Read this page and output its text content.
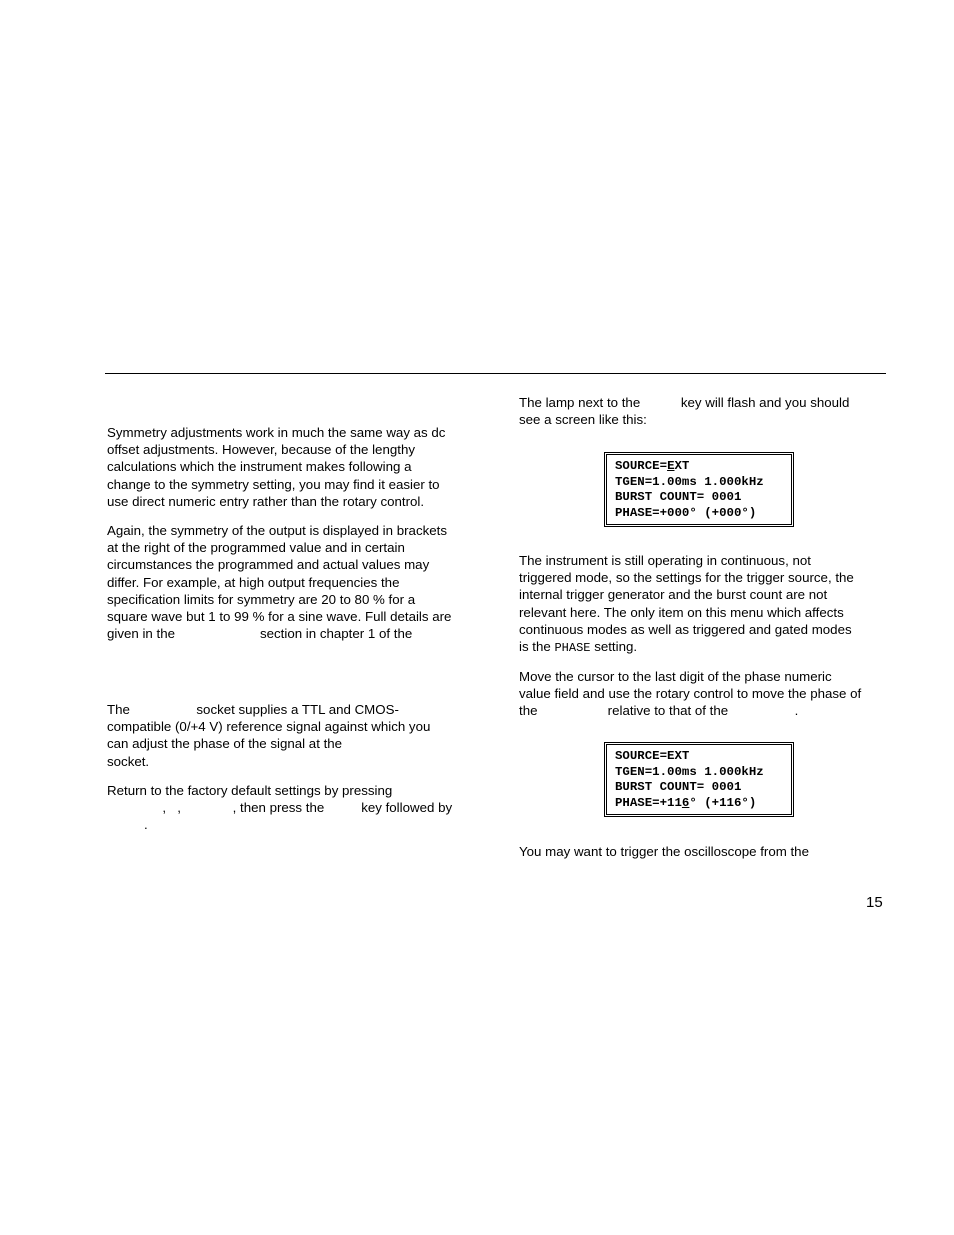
Symmetry adjustments work in much the same way as dc
offset adjustments. However, because of the lengthy
calculations which the instrument makes following a
change to the symmetry setting, you may find it easier to
use direct numeric entry rather than the rotary control.

Again, the symmetry of the output is displayed in brackets
at the right of the programmed value and in certain
circumstances the programmed and actual values may
differ. For example, at high output frequencies the
specification limits for symmetry are 20 to 80 % for a
square wave but 1 to 99 % for a sine wave. Full details are
given in the                       section in chapter 1 of the

The                  socket supplies a TTL and CMOS-
compatible (0/+4 V) reference signal against which you
can adjust the phase of the signal at the
socket.

Return to the factory default settings by pressing
,   ,              , then press the          key followed by
.

The lamp next to the           key will flash and you should
see a screen like this:

SOURCE=EXT
TGEN=1.00ms 1.000kHz
BURST COUNT= 0001
PHASE=+000° (+000°)

The instrument is still operating in continuous, not
triggered mode, so the settings for the trigger source, the
internal trigger generator and the burst count are not
relevant here. The only item on this menu which affects
continuous modes as well as triggered and gated modes
is the PHASE setting.

Move the cursor to the last digit of the phase numeric
value field and use the rotary control to move the phase of
the                   relative to that of the                  .

SOURCE=EXT
TGEN=1.00ms 1.000kHz
BURST COUNT= 0001
PHASE=+116° (+116°)

You may want to trigger the oscilloscope from the

15
